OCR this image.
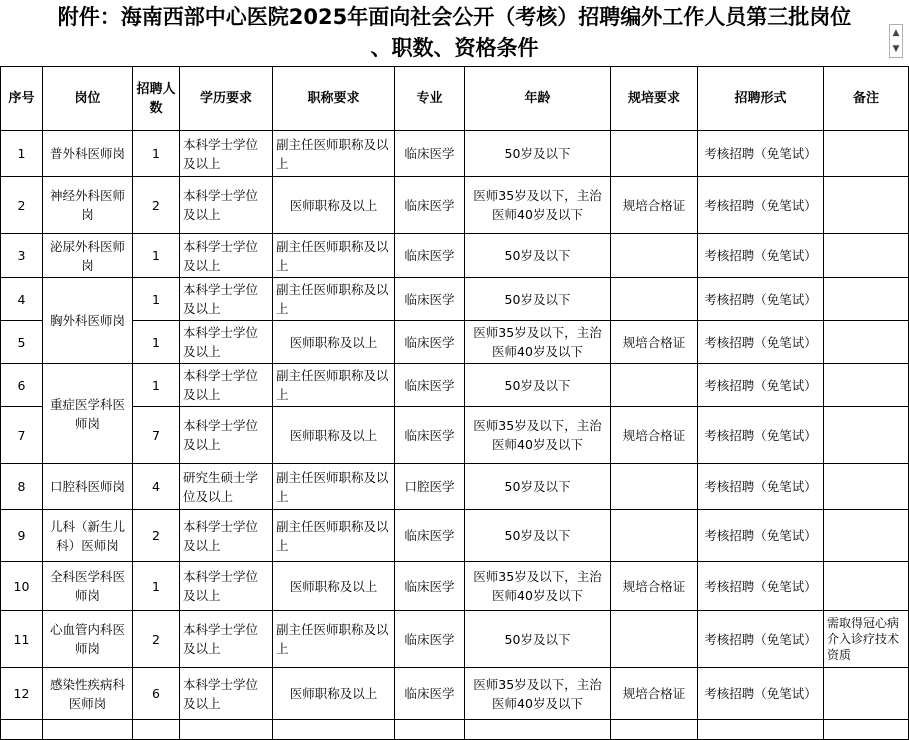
附件：海南西部中心医院2025年面向社会公开（考核）招聘编外工作人员第三批岗位
、职数、资格条件
▲
▼
序号	岗位	招聘人数	学历要求	职称要求	专业	年龄	规培要求	招聘形式	备注
1	普外科医师岗	1	本科学士学位及以上	副主任医师职称及以上	临床医学	50岁及以下		考核招聘（免笔试）	
2	神经外科医师岗	2	本科学士学位及以上	医师职称及以上	临床医学	医师35岁及以下，主治医师40岁及以下	规培合格证	考核招聘（免笔试）	
3	泌尿外科医师岗	1	本科学士学位及以上	副主任医师职称及以上	临床医学	50岁及以下		考核招聘（免笔试）	
4	胸外科医师岗	1	本科学士学位及以上	副主任医师职称及以上	临床医学	50岁及以下		考核招聘（免笔试）	
5		1	本科学士学位及以上	医师职称及以上	临床医学	医师35岁及以下，主治医师40岁及以下	规培合格证	考核招聘（免笔试）	
6	重症医学科医师岗	1	本科学士学位及以上	副主任医师职称及以上	临床医学	50岁及以下		考核招聘（免笔试）	
7		7	本科学士学位及以上	医师职称及以上	临床医学	医师35岁及以下，主治医师40岁及以下	规培合格证	考核招聘（免笔试）	
8	口腔科医师岗	4	研究生硕士学位及以上	副主任医师职称及以上	口腔医学	50岁及以下		考核招聘（免笔试）	
9	儿科（新生儿科）医师岗	2	本科学士学位及以上	副主任医师职称及以上	临床医学	50岁及以下		考核招聘（免笔试）	
10	全科医学科医师岗	1	本科学士学位及以上	医师职称及以上	临床医学	医师35岁及以下，主治医师40岁及以下	规培合格证	考核招聘（免笔试）	
11	心血管内科医师岗	2	本科学士学位及以上	副主任医师职称及以上	临床医学	50岁及以下		考核招聘（免笔试）	需取得冠心病介入诊疗技术资质
12	感染性疾病科医师岗	6	本科学士学位及以上	医师职称及以上	临床医学	医师35岁及以下，主治医师40岁及以下	规培合格证	考核招聘（免笔试）	
